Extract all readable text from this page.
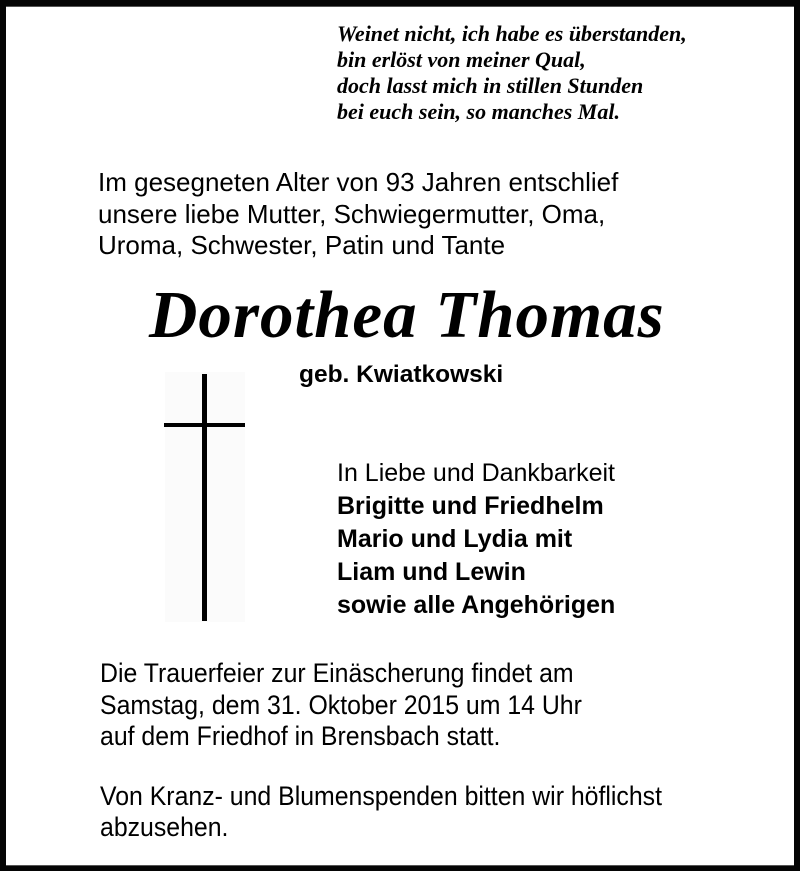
Weinet nicht, ich habe es überstanden,
bin erlöst von meiner Qual,
doch lasst mich in stillen Stunden
bei euch sein, so manches Mal.
Im gesegneten Alter von 93 Jahren entschlief
unsere liebe Mutter, Schwiegermutter, Oma,
Uroma, Schwester, Patin und Tante
Dorothea Thomas
geb. Kwiatkowski
In Liebe und Dankbarkeit
Brigitte und Friedhelm
Mario und Lydia mit
Liam und Lewin
sowie alle Angehörigen
Die Trauerfeier zur Einäscherung findet am
Samstag, dem 31. Oktober 2015 um 14 Uhr
auf dem Friedhof in Brensbach statt.
Von Kranz- und Blumenspenden bitten wir höflichst
abzusehen.
